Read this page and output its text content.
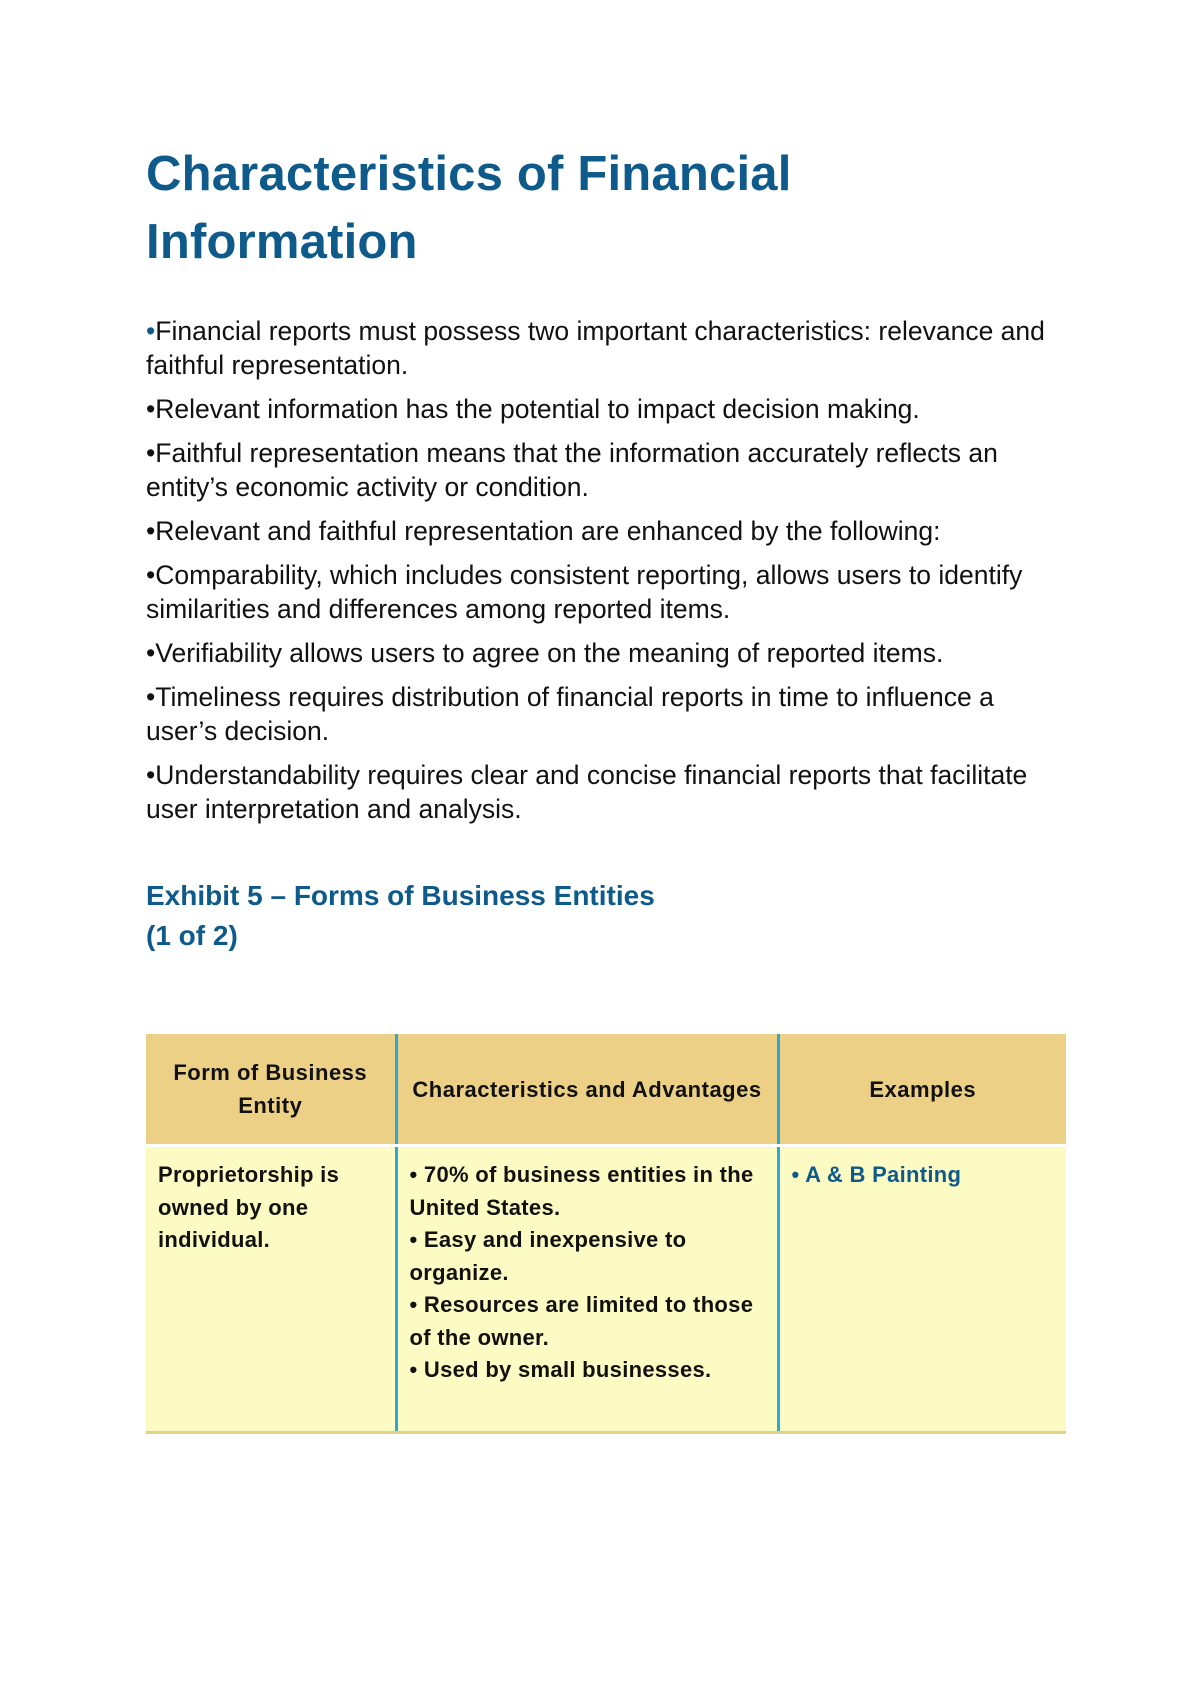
Characteristics of Financial Information
•Financial reports must possess two important characteristics: relevance and faithful representation.
•Relevant information has the potential to impact decision making.
•Faithful representation means that the information accurately reflects an entity’s economic activity or condition.
•Relevant and faithful representation are enhanced by the following:
•Comparability, which includes consistent reporting, allows users to identify similarities and differences among reported items.
•Verifiability allows users to agree on the meaning of reported items.
•Timeliness requires distribution of financial reports in time to influence a user’s decision.
•Understandability requires clear and concise financial reports that facilitate user interpretation and analysis.
Exhibit 5 – Forms of Business Entities
(1 of 2)
Form of Business Entity	Characteristics and Advantages	Examples
Proprietorship is owned by one individual.	• 70% of business entities in the United States.
• Easy and inexpensive to organize.
• Resources are limited to those of the owner.
• Used by small businesses.	• A & B Painting
